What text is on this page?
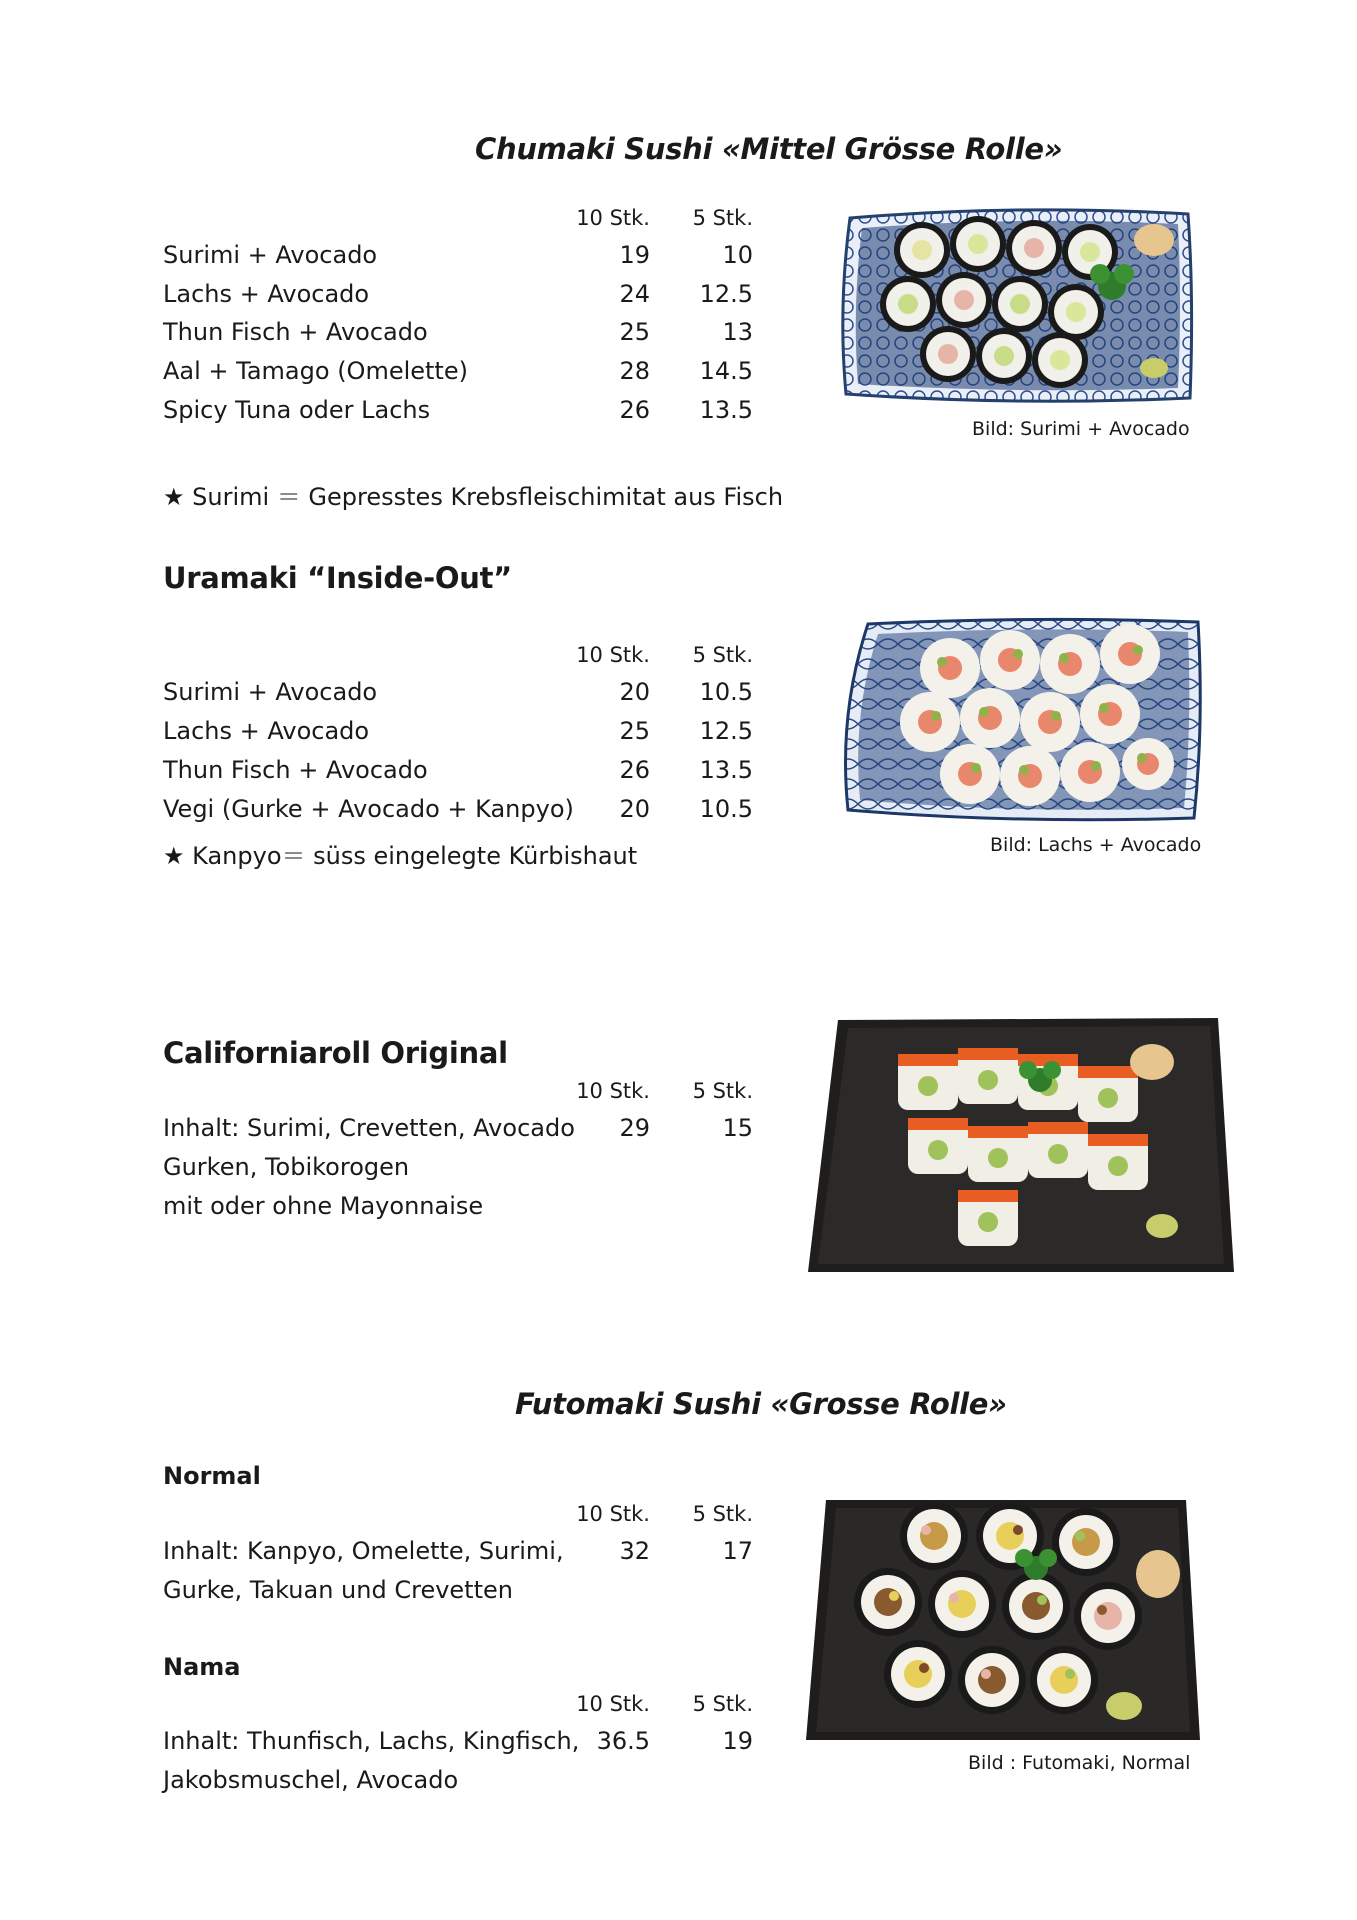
Chumaki Sushi «Mittel Grösse Rolle»
10 Stk. 5 Stk.
Surimi + Avocado	19	10
Lachs + Avocado	24 12.5
Thun Fisch + Avocado	25	13
Aal + Tamago (Omelette)	28 14.5
Spicy Tuna oder Lachs	26 13.5
★ Surimi ＝ Gepresstes Krebsfleischimitat aus Fisch
Bild: Surimi + Avocado
Uramaki “Inside-Out”
10 Stk. 5 Stk.
Surimi + Avocado	20 10.5
Lachs + Avocado	25 12.5
Thun Fisch + Avocado	26 13.5
Vegi (Gurke + Avocado + Kanpyo) 20 10.5
★ Kanpyo＝ süss eingelegte Kürbishaut	Bild: Lachs + Avocado
Californiaroll Original
10 Stk. 5 Stk.
Inhalt: Surimi, Crevetten, Avocado 29	15
Gurken, Tobikorogen
mit oder ohne Mayonnaise
Futomaki Sushi «Grosse Rolle»
Normal
10 Stk. 5 Stk.
Inhalt: Kanpyo, Omelette, Surimi, 32	17
Gurke, Takuan und Crevetten
Nama
10 Stk. 5 Stk.
Inhalt: Thunfisch, Lachs, Kingfisch, 36.5	19
Jakobsmuschel, Avocado
Bild : Futomaki, Normal
